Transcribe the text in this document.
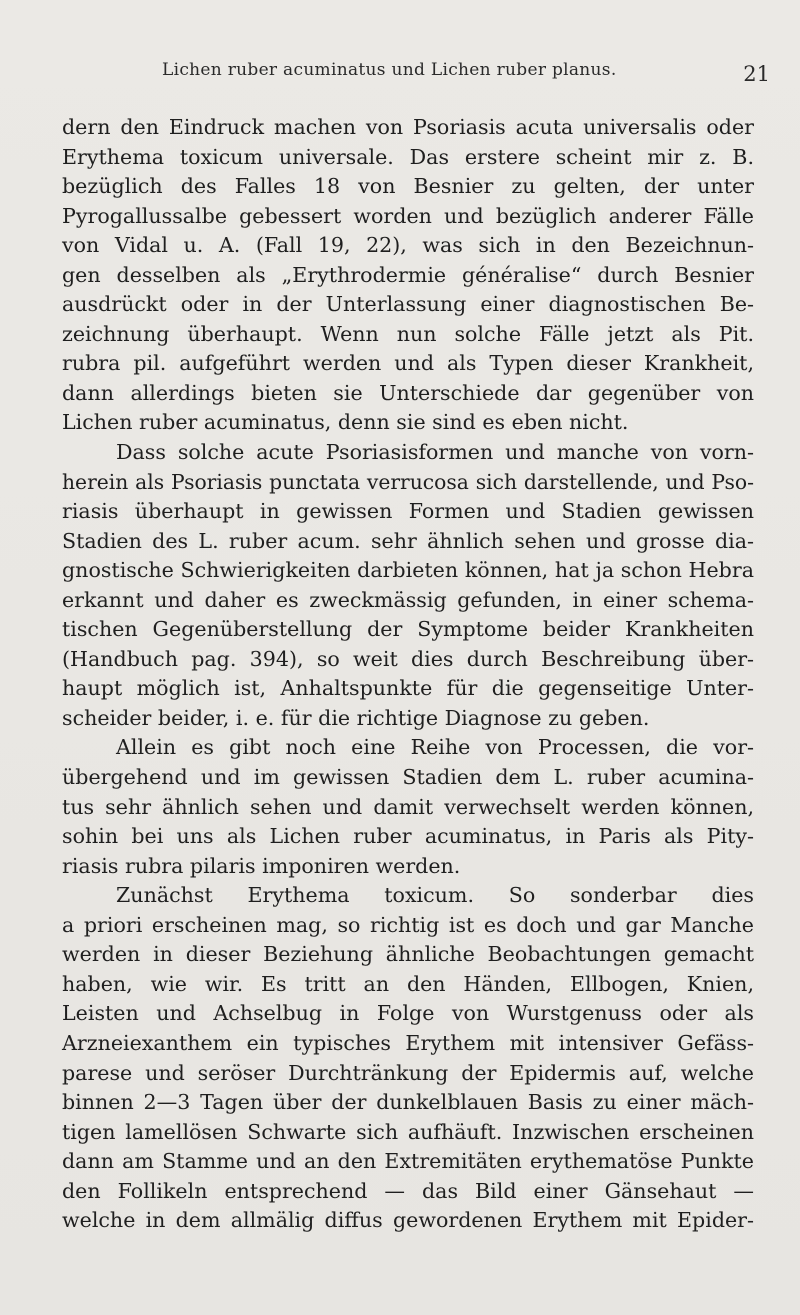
Lichen ruber acuminatus und Lichen ruber planus.	21
dern den Eindruck machen von Psoriasis acuta universalis oder
Erythema toxicum universale. Das erstere scheint mir z. B.
bezüglich des Falles 18 von Besnier zu gelten, der unter
Pyrogallussalbe gebessert worden und bezüglich anderer Fälle
von Vidal u. A. (Fall 19, 22), was sich in den Bezeichnun-
gen desselben als „Erythrodermie généralise“ durch Besnier
ausdrückt oder in der Unterlassung einer diagnostischen Be-
zeichnung überhaupt. Wenn nun solche Fälle jetzt als Pit.
rubra pil. aufgeführt werden und als Typen dieser Krankheit,
dann allerdings bieten sie Unterschiede dar gegenüber von
Lichen ruber acuminatus, denn sie sind es eben nicht.
Dass solche acute Psoriasisformen und manche von vorn-
herein als Psoriasis punctata verrucosa sich darstellende, und Pso-
riasis überhaupt in gewissen Formen und Stadien gewissen
Stadien des L. ruber acum. sehr ähnlich sehen und grosse dia-
gnostische Schwierigkeiten darbieten können, hat ja schon Hebra
erkannt und daher es zweckmässig gefunden, in einer schema-
tischen Gegenüberstellung der Symptome beider Krankheiten
(Handbuch pag. 394), so weit dies durch Beschreibung über-
haupt möglich ist, Anhaltspunkte für die gegenseitige Unter-
scheider beider, i. e. für die richtige Diagnose zu geben.
Allein es gibt noch eine Reihe von Processen, die vor-
übergehend und im gewissen Stadien dem L. ruber acumina-
tus sehr ähnlich sehen und damit verwechselt werden können,
sohin bei uns als Lichen ruber acuminatus, in Paris als Pity-
riasis rubra pilaris imponiren werden.
Zunächst Erythema toxicum. So sonderbar dies
a priori erscheinen mag, so richtig ist es doch und gar Manche
werden in dieser Beziehung ähnliche Beobachtungen gemacht
haben, wie wir. Es tritt an den Händen, Ellbogen, Knien,
Leisten und Achselbug in Folge von Wurstgenuss oder als
Arzneiexanthem ein typisches Erythem mit intensiver Gefäss-
parese und seröser Durchtränkung der Epidermis auf, welche
binnen 2—3 Tagen über der dunkelblauen Basis zu einer mäch-
tigen lamellösen Schwarte sich aufhäuft. Inzwischen erscheinen
dann am Stamme und an den Extremitäten erythematöse Punkte
den Follikeln entsprechend — das Bild einer Gänsehaut —
welche in dem allmälig diffus gewordenen Erythem mit Epider-
